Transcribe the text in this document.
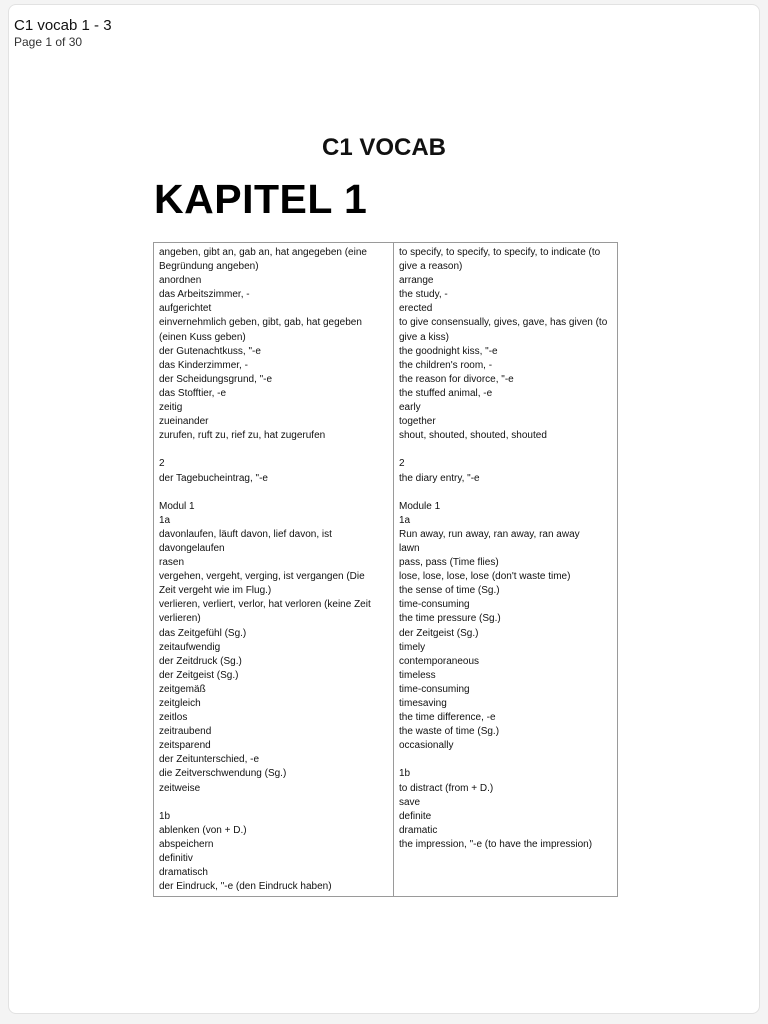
C1 vocab 1 - 3
Page 1 of 30
C1 VOCAB
KAPITEL 1
angeben, gibt an, gab an, hat angegeben (eine
Begründung angeben)
anordnen
das Arbeitszimmer, -
aufgerichtet
einvernehmlich geben, gibt, gab, hat gegeben
(einen Kuss geben)
der Gutenachtkuss, "-e
das Kinderzimmer, -
der Scheidungsgrund, "-e
das Stofftier, -e
zeitig
zueinander
zurufen, ruft zu, rief zu, hat zugerufen

2
der Tagebucheintrag, "-e

Modul 1
1a
davonlaufen, läuft davon, lief davon, ist
davongelaufen
rasen
vergehen, vergeht, verging, ist vergangen (Die
Zeit vergeht wie im Flug.)
verlieren, verliert, verlor, hat verloren (keine Zeit
verlieren)
das Zeitgefühl (Sg.)
zeitaufwendig
der Zeitdruck (Sg.)
der Zeitgeist (Sg.)
zeitgemäß
zeitgleich
zeitlos
zeitraubend
zeitsparend
der Zeitunterschied, -e
die Zeitverschwendung (Sg.)
zeitweise

1b
ablenken (von + D.)
abspeichern
definitiv
dramatisch
der Eindruck, "-e (den Eindruck haben)
to specify, to specify, to specify, to indicate (to
give a reason)
arrange
the study, -
erected
to give consensually, gives, gave, has given (to
give a kiss)
the goodnight kiss, "-e
the children's room, -
the reason for divorce, "-e
the stuffed animal, -e
early
together
shout, shouted, shouted, shouted

2
the diary entry, "-e

Module 1
1a
Run away, run away, ran away, ran away

lawn
pass, pass (Time flies)

lose, lose, lose, lose (don't waste time)

the sense of time (Sg.)
time-consuming
the time pressure (Sg.)
der Zeitgeist (Sg.)
timely
contemporaneous
timeless
time-consuming
timesaving
the time difference, -e
the waste of time (Sg.)
occasionally

1b
to distract (from + D.)
save
definite
dramatic
the impression, "-e (to have the impression)
